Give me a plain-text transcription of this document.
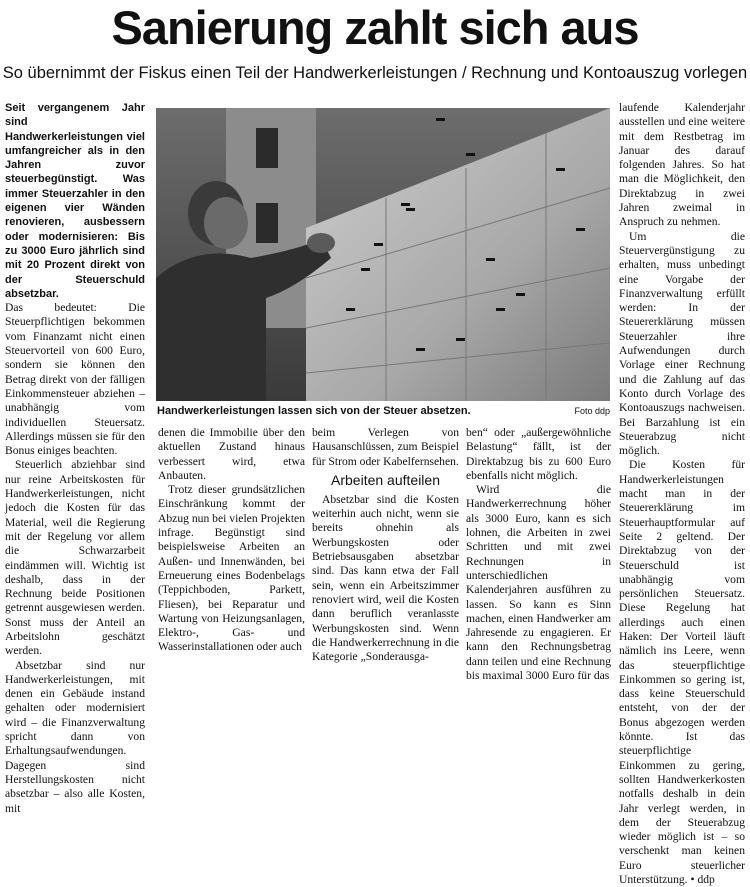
Sanierung zahlt sich aus
So übernimmt der Fiskus einen Teil der Handwerkerleistungen / Rechnung und Kontoauszug vorlegen

Seit vergangenem Jahr sind Handwerkerleistungen viel umfangreicher als in den Jahren zuvor steuerbegünstigt. Was immer Steuerzahler in den eigenen vier Wänden renovieren, ausbessern oder modernisieren: Bis zu 3000 Euro jährlich sind mit 20 Prozent direkt von der Steuerschuld absetzbar.

Das bedeutet: Die Steuerpflichtigen bekommen vom Finanzamt nicht einen Steuervorteil von 600 Euro, sondern sie können den Betrag direkt von der fälligen Einkommensteuer abziehen – unabhängig vom individuellen Steuersatz. Allerdings müssen sie für den Bonus einiges beachten.

Steuerlich abziehbar sind nur reine Arbeitskosten für Handwerkerleistungen, nicht jedoch die Kosten für das Material, weil die Regierung mit der Regelung vor allem die Schwarzarbeit eindämmen will. Wichtig ist deshalb, dass in der Rechnung beide Positionen getrennt ausgewiesen werden. Sonst muss der Anteil an Arbeitslohn geschätzt werden.

Absetzbar sind nur Handwerkerleistungen, mit denen ein Gebäude instand gehalten oder modernisiert wird – die Finanzverwaltung spricht dann von Erhaltungsaufwendungen. Dagegen sind Herstellungskosten nicht absetzbar – also alle Kosten, mit

Handwerkerleistungen lassen sich von der Steuer absetzen.	Foto ddp

denen die Immobilie über den aktuellen Zustand hinaus verbessert wird, etwa Anbauten.

Trotz dieser grundsätzlichen Einschränkung kommt der Abzug nun bei vielen Projekten infrage. Begünstigt sind beispielsweise Arbeiten an Außen- und Innenwänden, bei Erneuerung eines Bodenbelags (Teppichboden, Parkett, Fliesen), bei Reparatur und Wartung von Heizungsanlagen, Elektro-, Gas- und Wasserinstallationen oder auch

beim Verlegen von Hausanschlüssen, zum Beispiel für Strom oder Kabelfernsehen.

Arbeiten aufteilen

Absetzbar sind die Kosten weiterhin auch nicht, wenn sie bereits ohnehin als Werbungskosten oder Betriebsausgaben absetzbar sind. Das kann etwa der Fall sein, wenn ein Arbeitszimmer renoviert wird, weil die Kosten dann beruflich veranlasste Werbungskosten sind. Wenn die Handwerkerrechnung in die Kategorie „Sonderausga-

ben“ oder „außergewöhnliche Belastung“ fällt, ist der Direktabzug bis zu 600 Euro ebenfalls nicht möglich.

Wird die Handwerkerrechnung höher als 3000 Euro, kann es sich lohnen, die Arbeiten in zwei Schritten und mit zwei Rechnungen in unterschiedlichen Kalenderjahren ausführen zu lassen. So kann es Sinn machen, einen Handwerker am Jahresende zu engagieren. Er kann den Rechnungsbetrag dann teilen und eine Rechnung bis maximal 3000 Euro für das

laufende Kalenderjahr ausstellen und eine weitere mit dem Restbetrag im Januar des darauf folgenden Jahres. So hat man die Möglichkeit, den Direktabzug in zwei Jahren zweimal in Anspruch zu nehmen.

Um die Steuervergünstigung zu erhalten, muss unbedingt eine Vorgabe der Finanzverwaltung erfüllt werden: In der Steuererklärung müssen Steuerzahler ihre Aufwendungen durch Vorlage einer Rechnung und die Zahlung auf das Konto durch Vorlage des Kontoauszugs nachweisen. Bei Barzahlung ist ein Steuerabzug nicht möglich.

Die Kosten für Handwerkerleistungen macht man in der Steuererklärung im Steuerhauptformular auf Seite 2 geltend. Der Direktabzug von der Steuerschuld ist unabhängig vom persönlichen Steuersatz. Diese Regelung hat allerdings auch einen Haken: Der Vorteil läuft nämlich ins Leere, wenn das steuerpflichtige Einkommen so gering ist, dass keine Steuerschuld entsteht, von der der Bonus abgezogen werden könnte. Ist das steuerpflichtige Einkommen zu gering, sollten Handwerkerkosten notfalls deshalb in dein Jahr verlegt werden, in dem der Steuerabzug wieder möglich ist – so verschenkt man keinen Euro steuerlicher Unterstützung. • ddp
